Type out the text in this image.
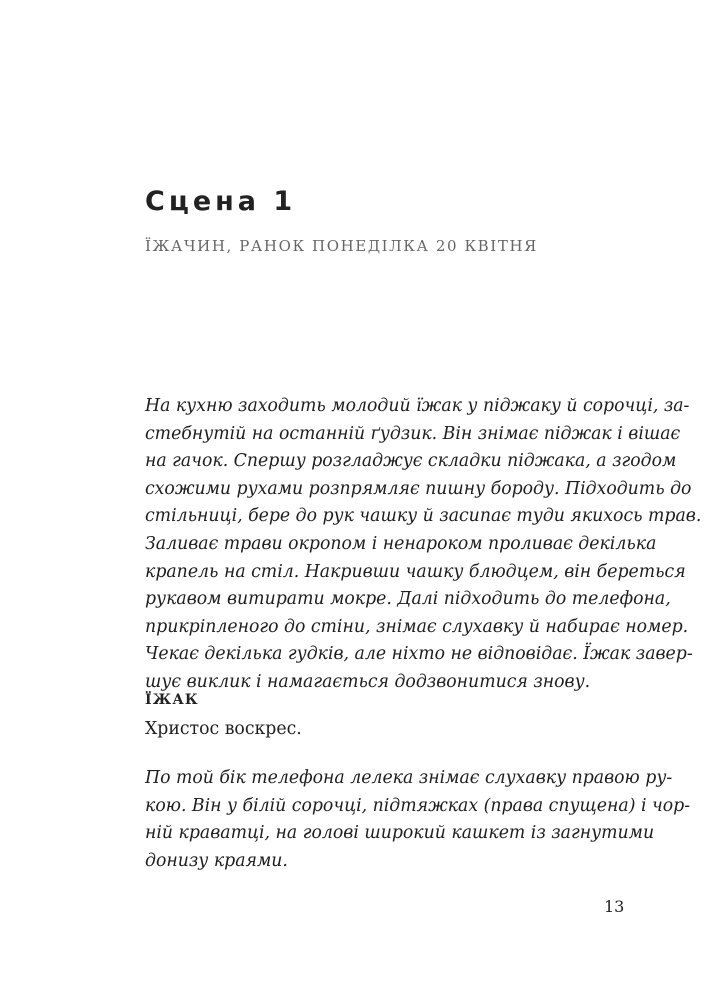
Сцена 1
ЇЖАЧИН, РАНОК ПОНЕДІЛКА 20 КВІТНЯ
На кухню заходить молодий їжак у піджаку й сорочці, за-
стебнутій на останній ґудзик. Він знімає піджак і вішає
на гачок. Спершу розгладжує складки піджака, а згодом
схожими рухами розпрямляє пишну бороду. Підходить до
стільниці, бере до рук чашку й засипає туди якихось трав.
Заливає трави окропом і ненароком проливає декілька
крапель на стіл. Накривши чашку блюдцем, він береться
рукавом витирати мокре. Далі підходить до телефона,
прикріпленого до стіни, знімає слухавку й набирає номер.
Чекає декілька гудків, але ніхто не відповідає. Їжак завер-
шує виклик і намагається додзвонитися знову.
ЇЖАК
Христос воскрес.
По той бік телефона лелека знімає слухавку правою ру-
кою. Він у білій сорочці, підтяжках (права спущена) і чор-
ній краватці, на голові широкий кашкет із загнутими
донизу краями.
13
